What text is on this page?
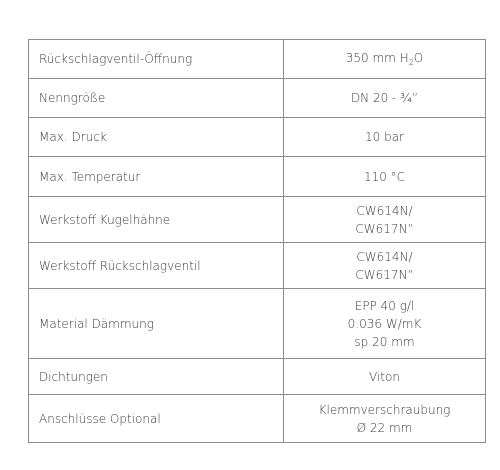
Rückschlagventil-Öffnung	350 mm $H_2O$
Nenngröße	DN 20 - ¾”

Max. Druck	10 bar

Max. Temperatur	110 °C

Werkstoff Kugelhähne	CW614N/
CW617N”

Werkstoff Rückschlagventil	CW614N/
CW617N”

Material Dämmung	EPP 40 g/l
0.036 W/mK
sp 20 mm

Dichtungen	Viton

Anschlüsse Optional	Klemmverschraubung
Ø 22 mm
